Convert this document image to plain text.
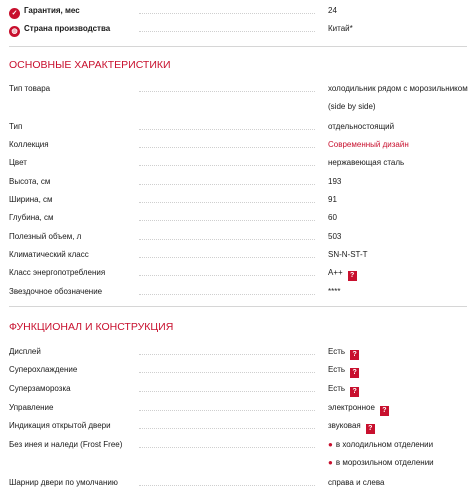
✓ Гарантия, мес	24
◍ Страна производства	Китай*
ОСНОВНЫЕ ХАРАКТЕРИСТИКИ
Тип товара	холодильник рядом с морозильником
(side by side)
Тип	отдельностоящий
Коллекция	Современный дизайн
Цвет	нержавеющая сталь
Высота, см	193
Ширина, см	91
Глубина, см	60
Полезный объем, л	503
Климатический класс	SN-N-ST-T
Класс энергопотребления	A++ ?
Звездочное обозначение	****
ФУНКЦИОНАЛ И КОНСТРУКЦИЯ
Дисплей	Есть ?
Суперохлаждение	Есть ?
Суперзаморозка	Есть ?
Управление	электронное ?
Индикация открытой двери	звуковая ?
Без инея и наледи (Frost Free)	● в холодильном отделении
● в морозильном отделении
Шарнир двери по умолчанию	справа и слева
